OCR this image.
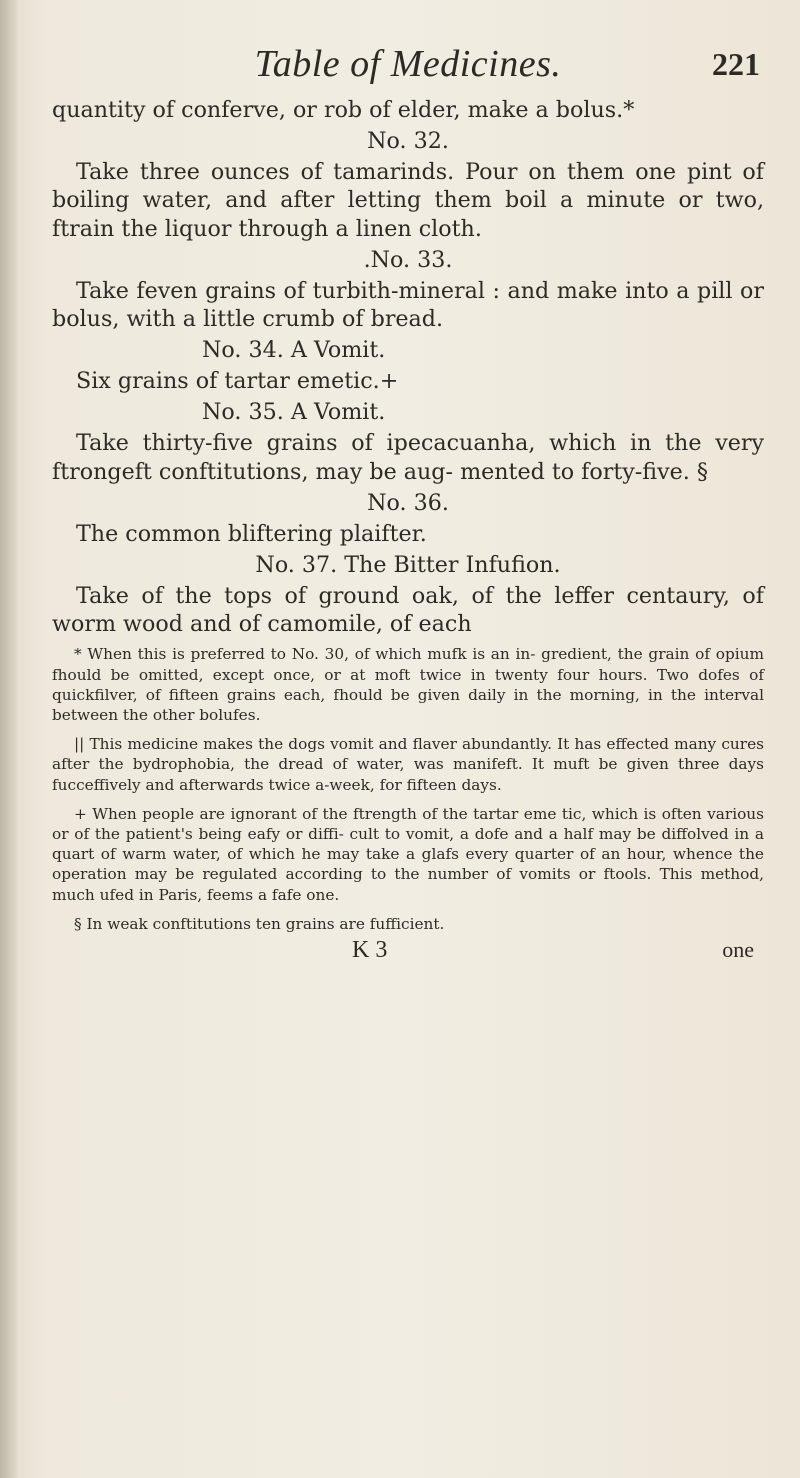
Table of Medicines.	221

quantity of conferve, or rob of elder, make a bolus.*

No. 32.

Take three ounces of tamarinds. Pour on them one pint of boiling water, and after letting them boil a minute or two, ftrain the liquor through a linen cloth.

.No. 33.

Take feven grains of turbith-mineral : and make into a pill or bolus, with a little crumb of bread.

No. 34. A Vomit.

Six grains of tartar emetic.+

No. 35. A Vomit.

Take thirty-five grains of ipecacuanha, which in the very ftrongeft conftitutions, may be aug- mented to forty-five. §

No. 36.

The common bliftering plaifter.

No. 37. The Bitter Infufion.

Take of the tops of ground oak, of the leffer centaury, of worm wood and of camomile, of each

* When this is preferred to No. 30, of which mufk is an in- gredient, the grain of opium fhould be omitted, except once, or at moft twice in twenty four hours. Two dofes of quickfilver, of fifteen grains each, fhould be given daily in the morning, in the interval between the other bolufes.

|| This medicine makes the dogs vomit and flaver abundantly. It has effected many cures after the bydrophobia, the dread of water, was manifeft. It muft be given three days fucceffively and afterwards twice a-week, for fifteen days.

+ When people are ignorant of the ftrength of the tartar eme tic, which is often various or of the patient's being eafy or diffi- cult to vomit, a dofe and a half may be diffolved in a quart of warm water, of which he may take a glafs every quarter of an hour, whence the operation may be regulated according to the number of vomits or ftools. This method, much ufed in Paris, feems a fafe one.

§ In weak conftitutions ten grains are fufficient.

K 3	one
